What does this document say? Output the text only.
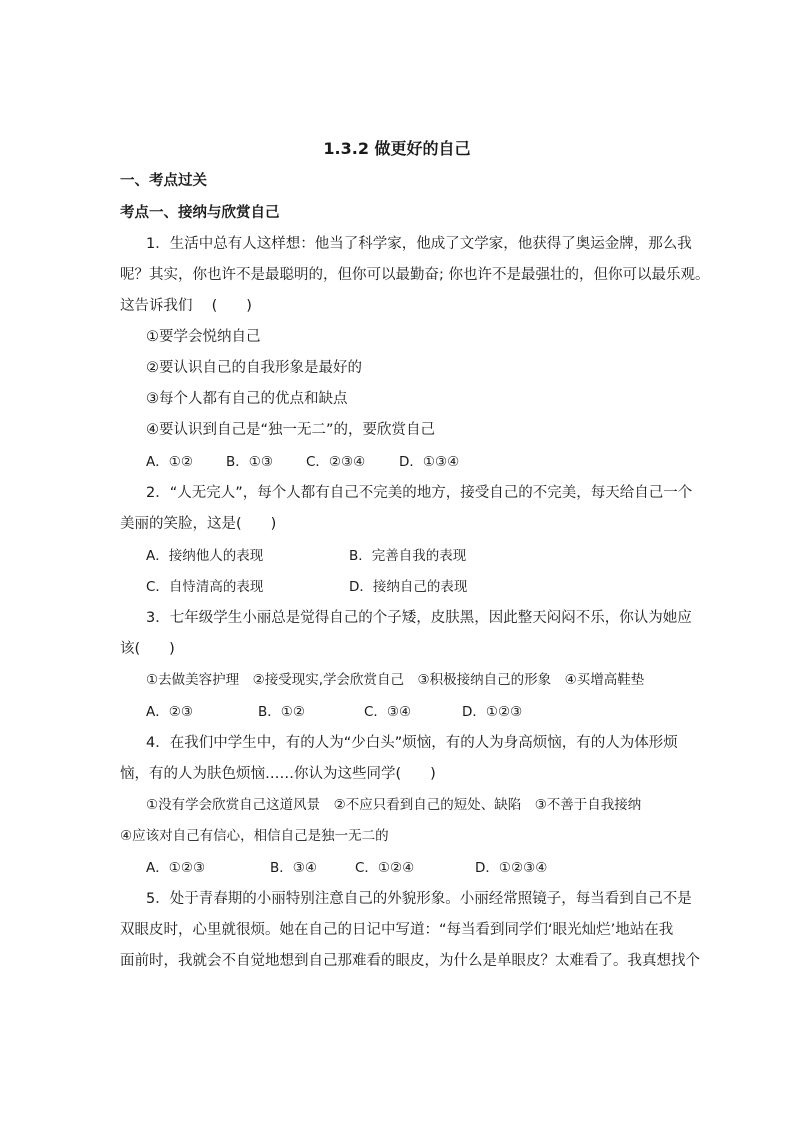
1.3.2 做更好的自己
一、考点过关
考点一、接纳与欣赏自己
1．生活中总有人这样想：他当了科学家，他成了文学家，他获得了奥运金牌，那么我
呢？其实，你也许不是最聪明的，但你可以最勤奋; 你也许不是最强壮的，但你可以最乐观。
这告诉我们　 (　　)
①要学会悦纳自己
②要认识自己的自我形象是最好的
③每个人都有自己的优点和缺点
④要认识到自己是“独一无二”的，要欣赏自己
A．①② B．①③ C．②③④	D．①③④
2．“人无完人”，每个人都有自己不完美的地方，接受自己的不完美，每天给自己一个
美丽的笑脸，这是(　　)
A．接纳他人的表现	B．完善自我的表现
C．自恃清高的表现	D．接纳自己的表现
3．七年级学生小丽总是觉得自己的个子矮，皮肤黑，因此整天闷闷不乐，你认为她应
该(　　)
①去做美容护理　②接受现实,学会欣赏自己　③积极接纳自己的形象　④买增高鞋垫
A．②③	B．①②	C．③④	D．①②③
4．在我们中学生中，有的人为“少白头”烦恼，有的人为身高烦恼，有的人为体形烦
恼，有的人为肤色烦恼……你认为这些同学(　　)
①没有学会欣赏自己这道风景　②不应只看到自己的短处、缺陷　③不善于自我接纳
④应该对自己有信心，相信自己是独一无二的
A．①②③	B．③④	C．①②④	D．①②③④
5．处于青春期的小丽特别注意自己的外貌形象。小丽经常照镜子，每当看到自己不是
双眼皮时，心里就很烦。她在自己的日记中写道：“每当看到同学们‘眼光灿烂’地站在我
面前时，我就会不自觉地想到自己那难看的眼皮，为什么是单眼皮？太难看了。我真想找个
